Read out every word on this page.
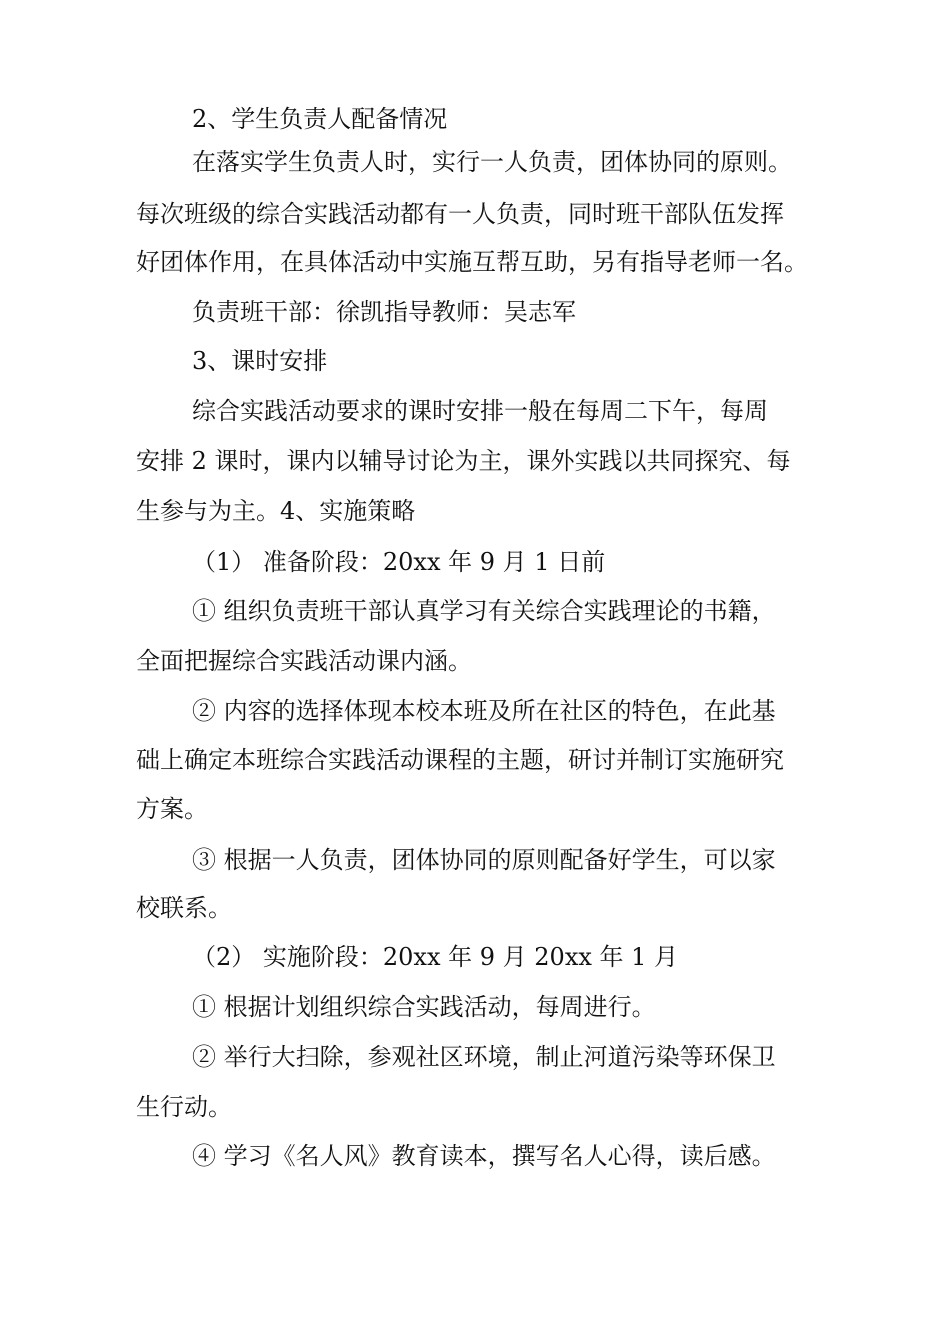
2、学生负责人配备情况
在落实学生负责人时，实行一人负责，团体协同的原则。
每次班级的综合实践活动都有一人负责，同时班干部队伍发挥
好团体作用，在具体活动中实施互帮互助，另有指导老师一名。
负责班干部：徐凯指导教师：吴志军
3、课时安排
综合实践活动要求的课时安排一般在每周二下午，每周
安排 2 课时，课内以辅导讨论为主，课外实践以共同探究、每
生参与为主。4、实施策略
（1） 准备阶段：20xx 年 9 月 1 日前
① 组织负责班干部认真学习有关综合实践理论的书籍，
全面把握综合实践活动课内涵。
② 内容的选择体现本校本班及所在社区的特色，在此基
础上确定本班综合实践活动课程的主题，研讨并制订实施研究
方案。
③ 根据一人负责，团体协同的原则配备好学生，可以家
校联系。
（2） 实施阶段：20xx 年 9 月 20xx 年 1 月
① 根据计划组织综合实践活动，每周进行。
② 举行大扫除，参观社区环境，制止河道污染等环保卫
生行动。
④ 学习《名人风》教育读本，撰写名人心得，读后感。
